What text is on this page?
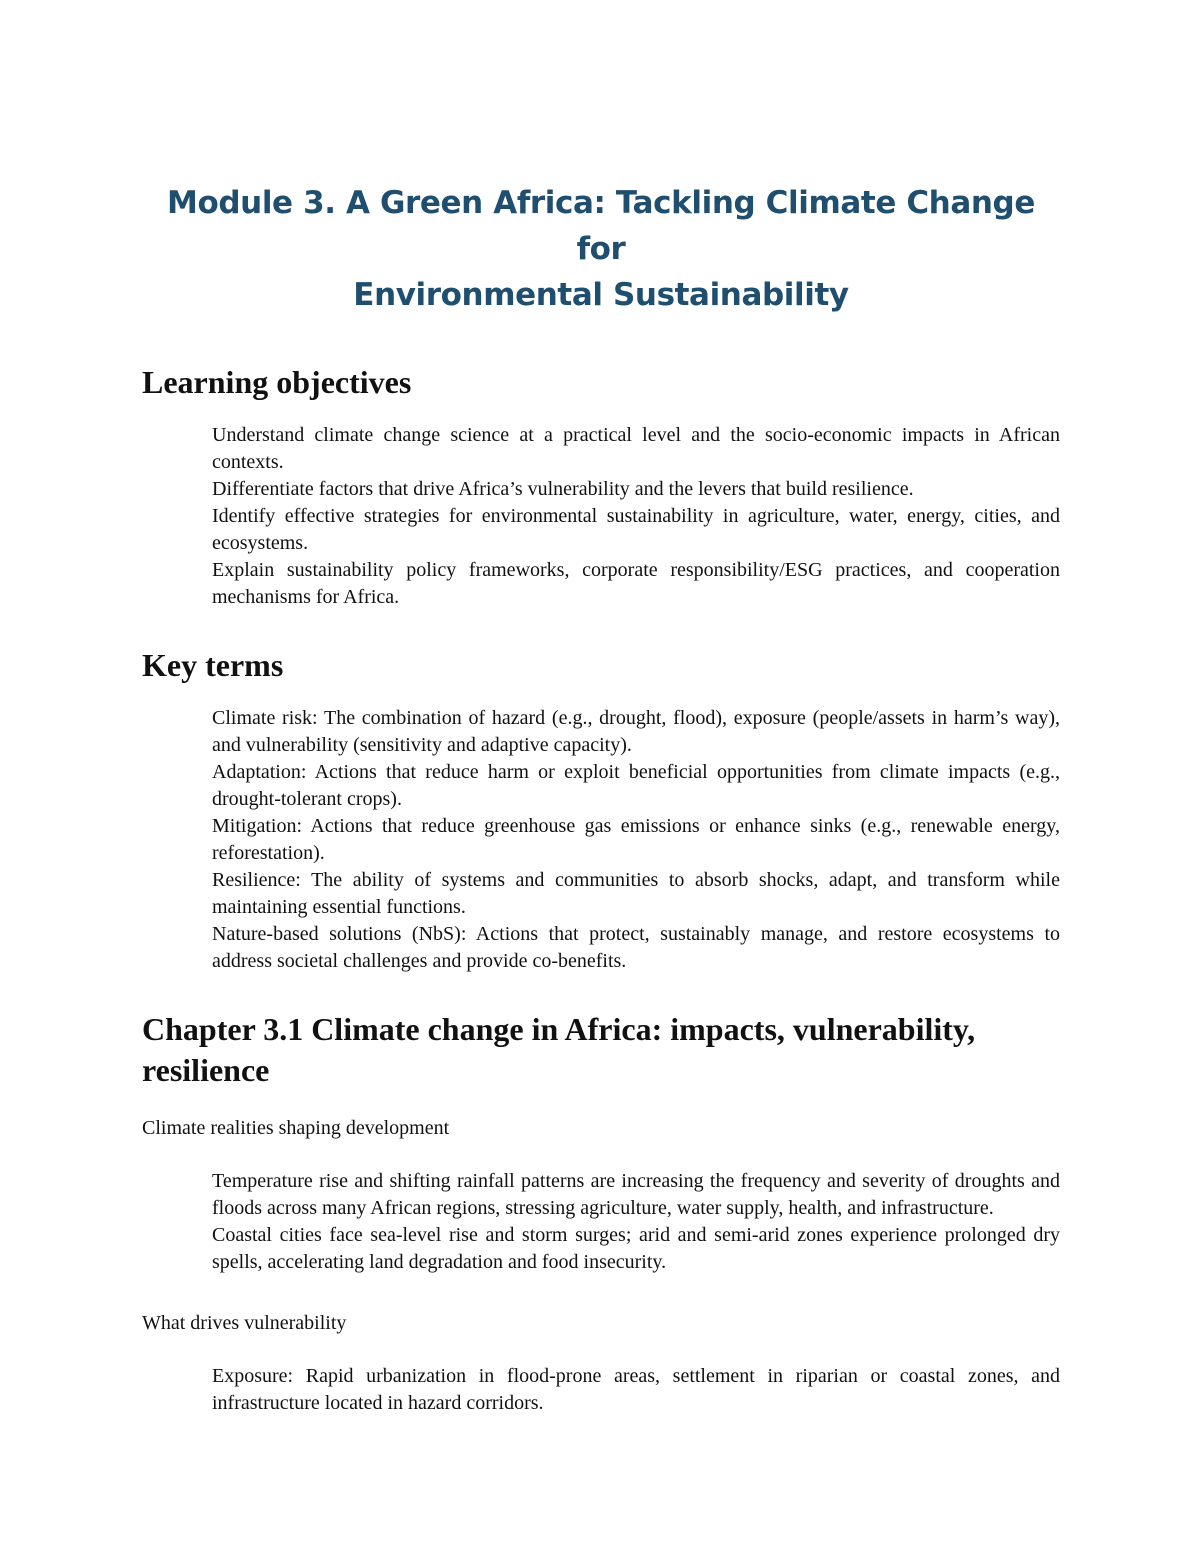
Module 3. A Green Africa: Tackling Climate Change for
Environmental Sustainability
Learning objectives

Understand climate change science at a practical level and the socio-economic impacts in African contexts.

Differentiate factors that drive Africa’s vulnerability and the levers that build resilience.

Identify effective strategies for environmental sustainability in agriculture, water, energy, cities, and ecosystems.

Explain sustainability policy frameworks, corporate responsibility/ESG practices, and cooperation mechanisms for Africa.

Key terms

Climate risk: The combination of hazard (e.g., drought, flood), exposure (people/assets in harm’s way), and vulnerability (sensitivity and adaptive capacity).

Adaptation: Actions that reduce harm or exploit beneficial opportunities from climate impacts (e.g., drought-tolerant crops).

Mitigation: Actions that reduce greenhouse gas emissions or enhance sinks (e.g., renewable energy, reforestation).

Resilience: The ability of systems and communities to absorb shocks, adapt, and transform while maintaining essential functions.

Nature-based solutions (NbS): Actions that protect, sustainably manage, and restore ecosystems to address societal challenges and provide co-benefits.

Chapter 3.1 Climate change in Africa: impacts, vulnerability, resilience

Climate realities shaping development

Temperature rise and shifting rainfall patterns are increasing the frequency and severity of droughts and floods across many African regions, stressing agriculture, water supply, health, and infrastructure.

Coastal cities face sea-level rise and storm surges; arid and semi-arid zones experience prolonged dry spells, accelerating land degradation and food insecurity.

What drives vulnerability

Exposure: Rapid urbanization in flood-prone areas, settlement in riparian or coastal zones, and infrastructure located in hazard corridors.
